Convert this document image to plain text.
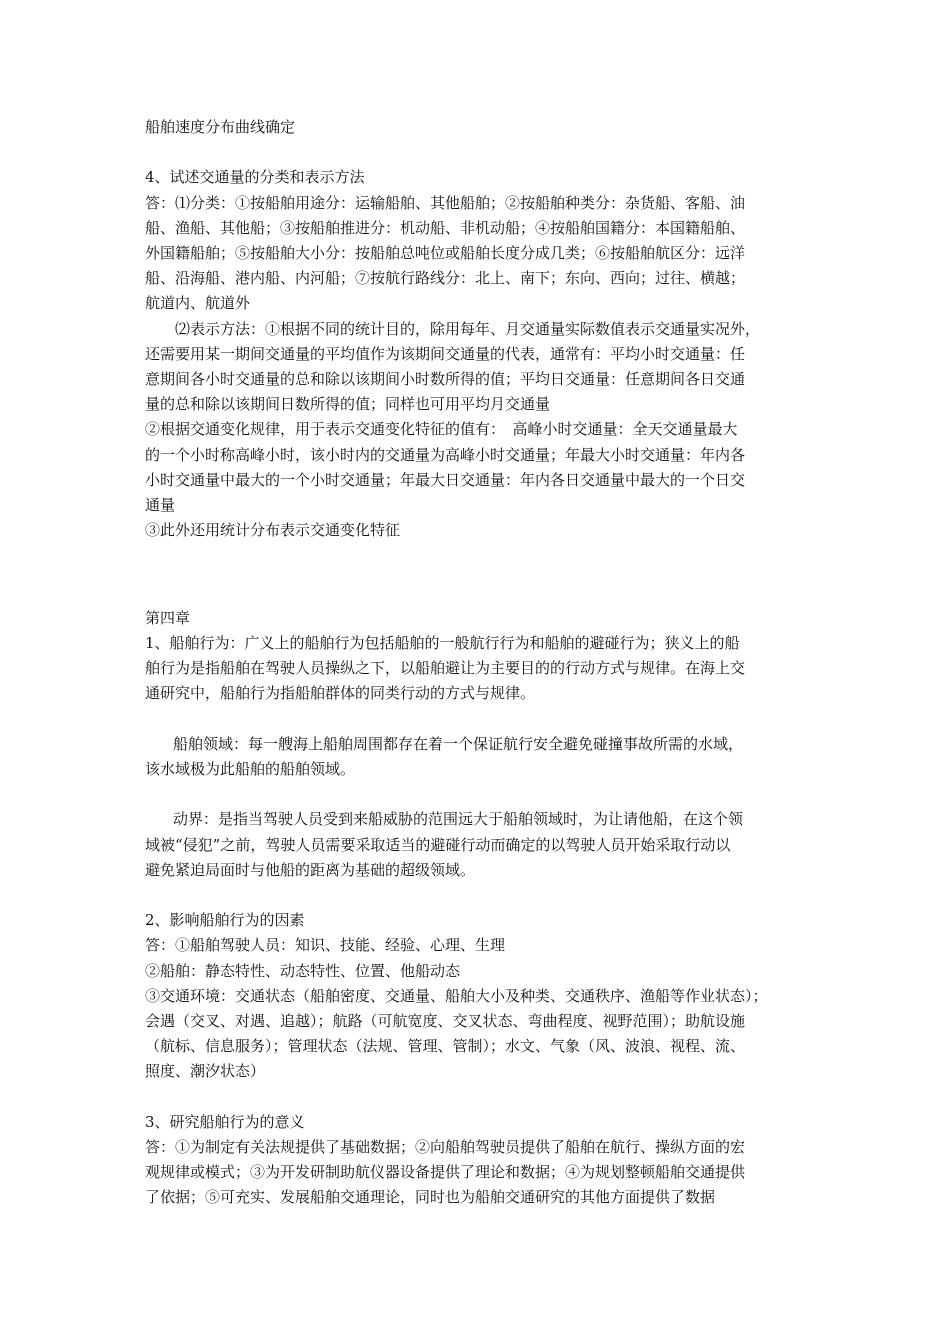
船舶速度分布曲线确定
4、试述交通量的分类和表示方法
答：⑴分类：①按船舶用途分：运输船舶、其他船舶；②按船舶种类分：杂货船、客船、油
船、渔船、其他船；③按船舶推进分：机动船、非机动船；④按船舶国籍分：本国籍船舶、
外国籍船舶；⑤按船舶大小分：按船舶总吨位或船舶长度分成几类；⑥按船舶航区分：远洋
船、沿海船、港内船、内河船；⑦按航行路线分：北上、南下；东向、西向；过往、横越；
航道内、航道外
⑵表示方法：①根据不同的统计目的，除用每年、月交通量实际数值表示交通量实况外，
还需要用某一期间交通量的平均值作为该期间交通量的代表，通常有：平均小时交通量：任
意期间各小时交通量的总和除以该期间小时数所得的值；平均日交通量：任意期间各日交通
量的总和除以该期间日数所得的值；同样也可用平均月交通量
②根据交通变化规律，用于表示交通变化特征的值有：　高峰小时交通量：全天交通量最大
的一个小时称高峰小时，该小时内的交通量为高峰小时交通量；年最大小时交通量：年内各
小时交通量中最大的一个小时交通量；年最大日交通量：年内各日交通量中最大的一个日交
通量
③此外还用统计分布表示交通变化特征
第四章
1、船舶行为：广义上的船舶行为包括船舶的一般航行行为和船舶的避碰行为；狭义上的船
舶行为是指船舶在驾驶人员操纵之下，以船舶避让为主要目的的行动方式与规律。在海上交
通研究中，船舶行为指船舶群体的同类行动的方式与规律。
船舶领域：每一艘海上船舶周围都存在着一个保证航行安全避免碰撞事故所需的水域，
该水域极为此船舶的船舶领域。
动界：是指当驾驶人员受到来船威胁的范围远大于船舶领域时，为让请他船，在这个领
域被“侵犯”之前，驾驶人员需要采取适当的避碰行动而确定的以驾驶人员开始采取行动以
避免紧迫局面时与他船的距离为基础的超级领域。
2、影响船舶行为的因素
答：①船舶驾驶人员：知识、技能、经验、心理、生理
②船舶：静态特性、动态特性、位置、他船动态
③交通环境：交通状态（船舶密度、交通量、船舶大小及种类、交通秩序、渔船等作业状态）；
会遇（交叉、对遇、追越）；航路（可航宽度、交叉状态、弯曲程度、视野范围）；助航设施
（航标、信息服务）；管理状态（法规、管理、管制）；水文、气象（风、波浪、视程、流、
照度、潮汐状态）
3、研究船舶行为的意义
答：①为制定有关法规提供了基础数据；②向船舶驾驶员提供了船舶在航行、操纵方面的宏
观规律或模式；③为开发研制助航仪器设备提供了理论和数据；④为规划整顿船舶交通提供
了依据；⑤可充实、发展船舶交通理论，同时也为船舶交通研究的其他方面提供了数据
